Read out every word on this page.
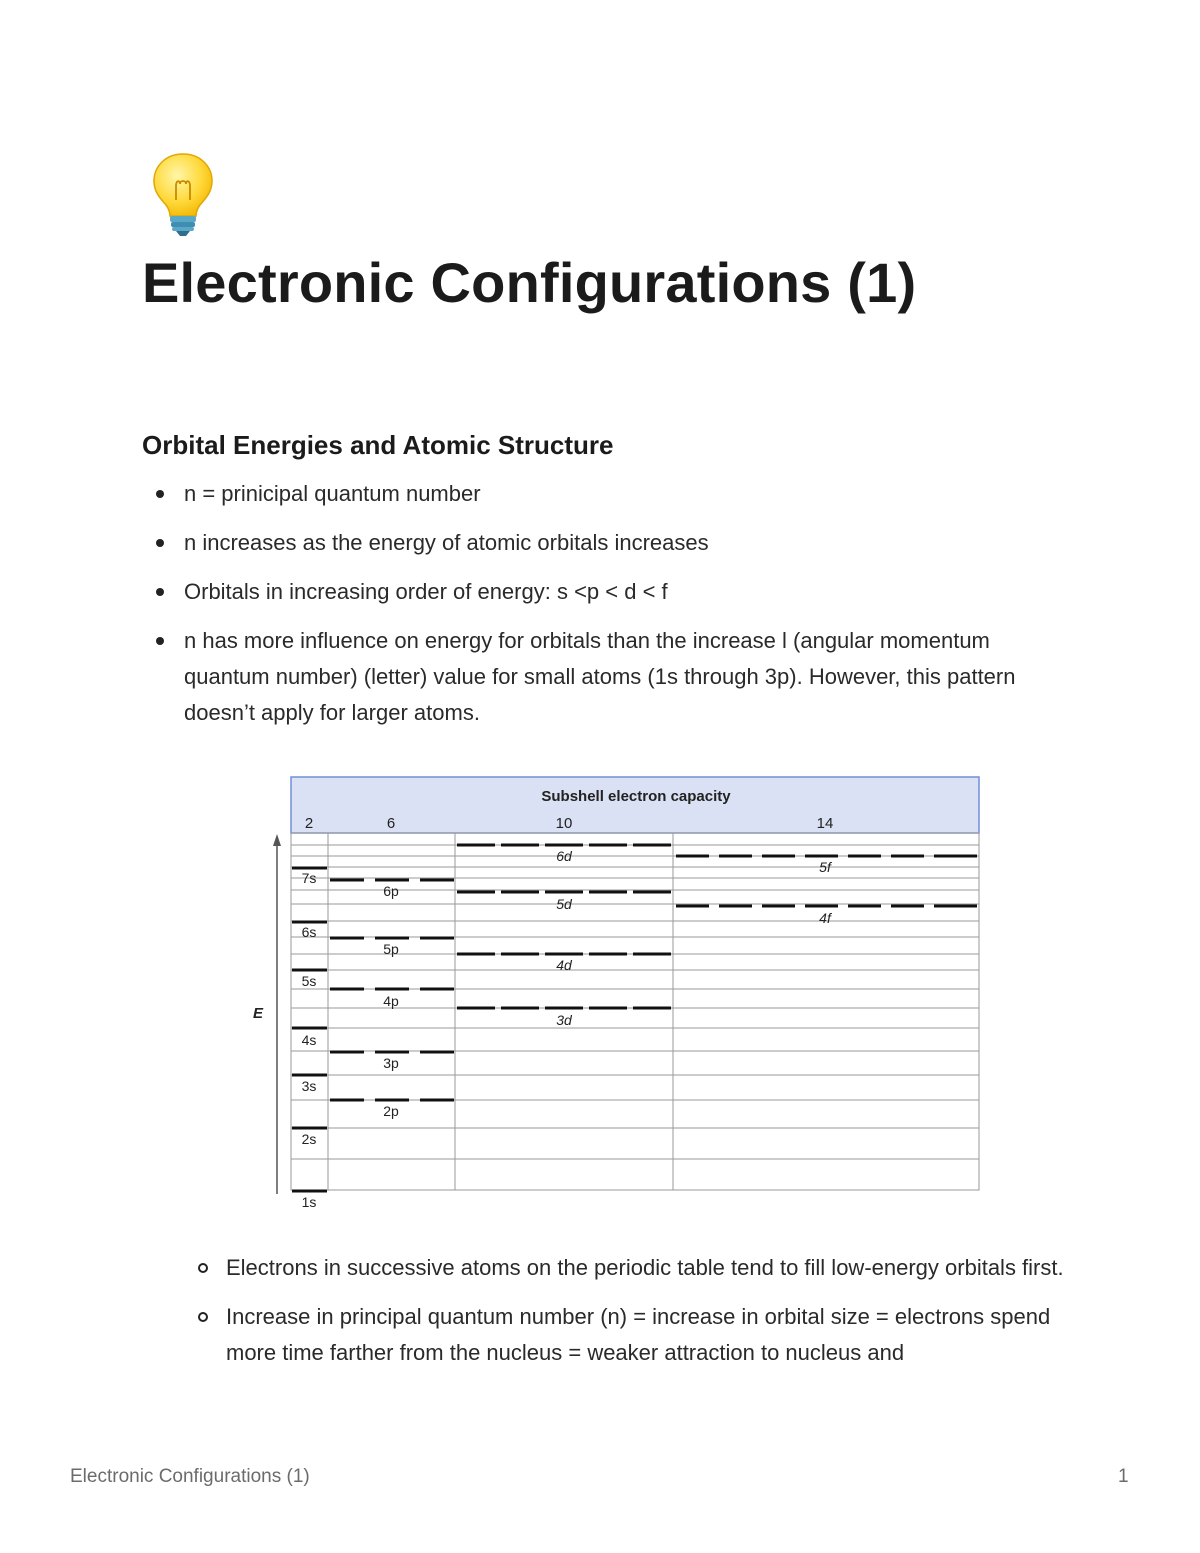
Electronic Configurations (1)
Orbital Energies and Atomic Structure
n = prinicipal quantum number
n increases as the energy of atomic orbitals increases
Orbitals in increasing order of energy: s <p < d < f
n has more influence on energy for orbitals than the increase l (angular momentum quantum number) (letter) value for small atoms (1s through 3p). However, this pattern doesn’t apply for larger atoms.
Subshell electron capacity
2	6	10	14
E
7s
6s
5s
4s
3s
2s
1s
6p
5p
4p
3p
2p
6d
5d
4d
3d
5f
4f
Electrons in successive atoms on the periodic table tend to fill low-energy orbitals first.
Increase in principal quantum number (n) = increase in orbital size = electrons spend more time farther from the nucleus = weaker attraction to nucleus and
Electronic Configurations (1)	1
